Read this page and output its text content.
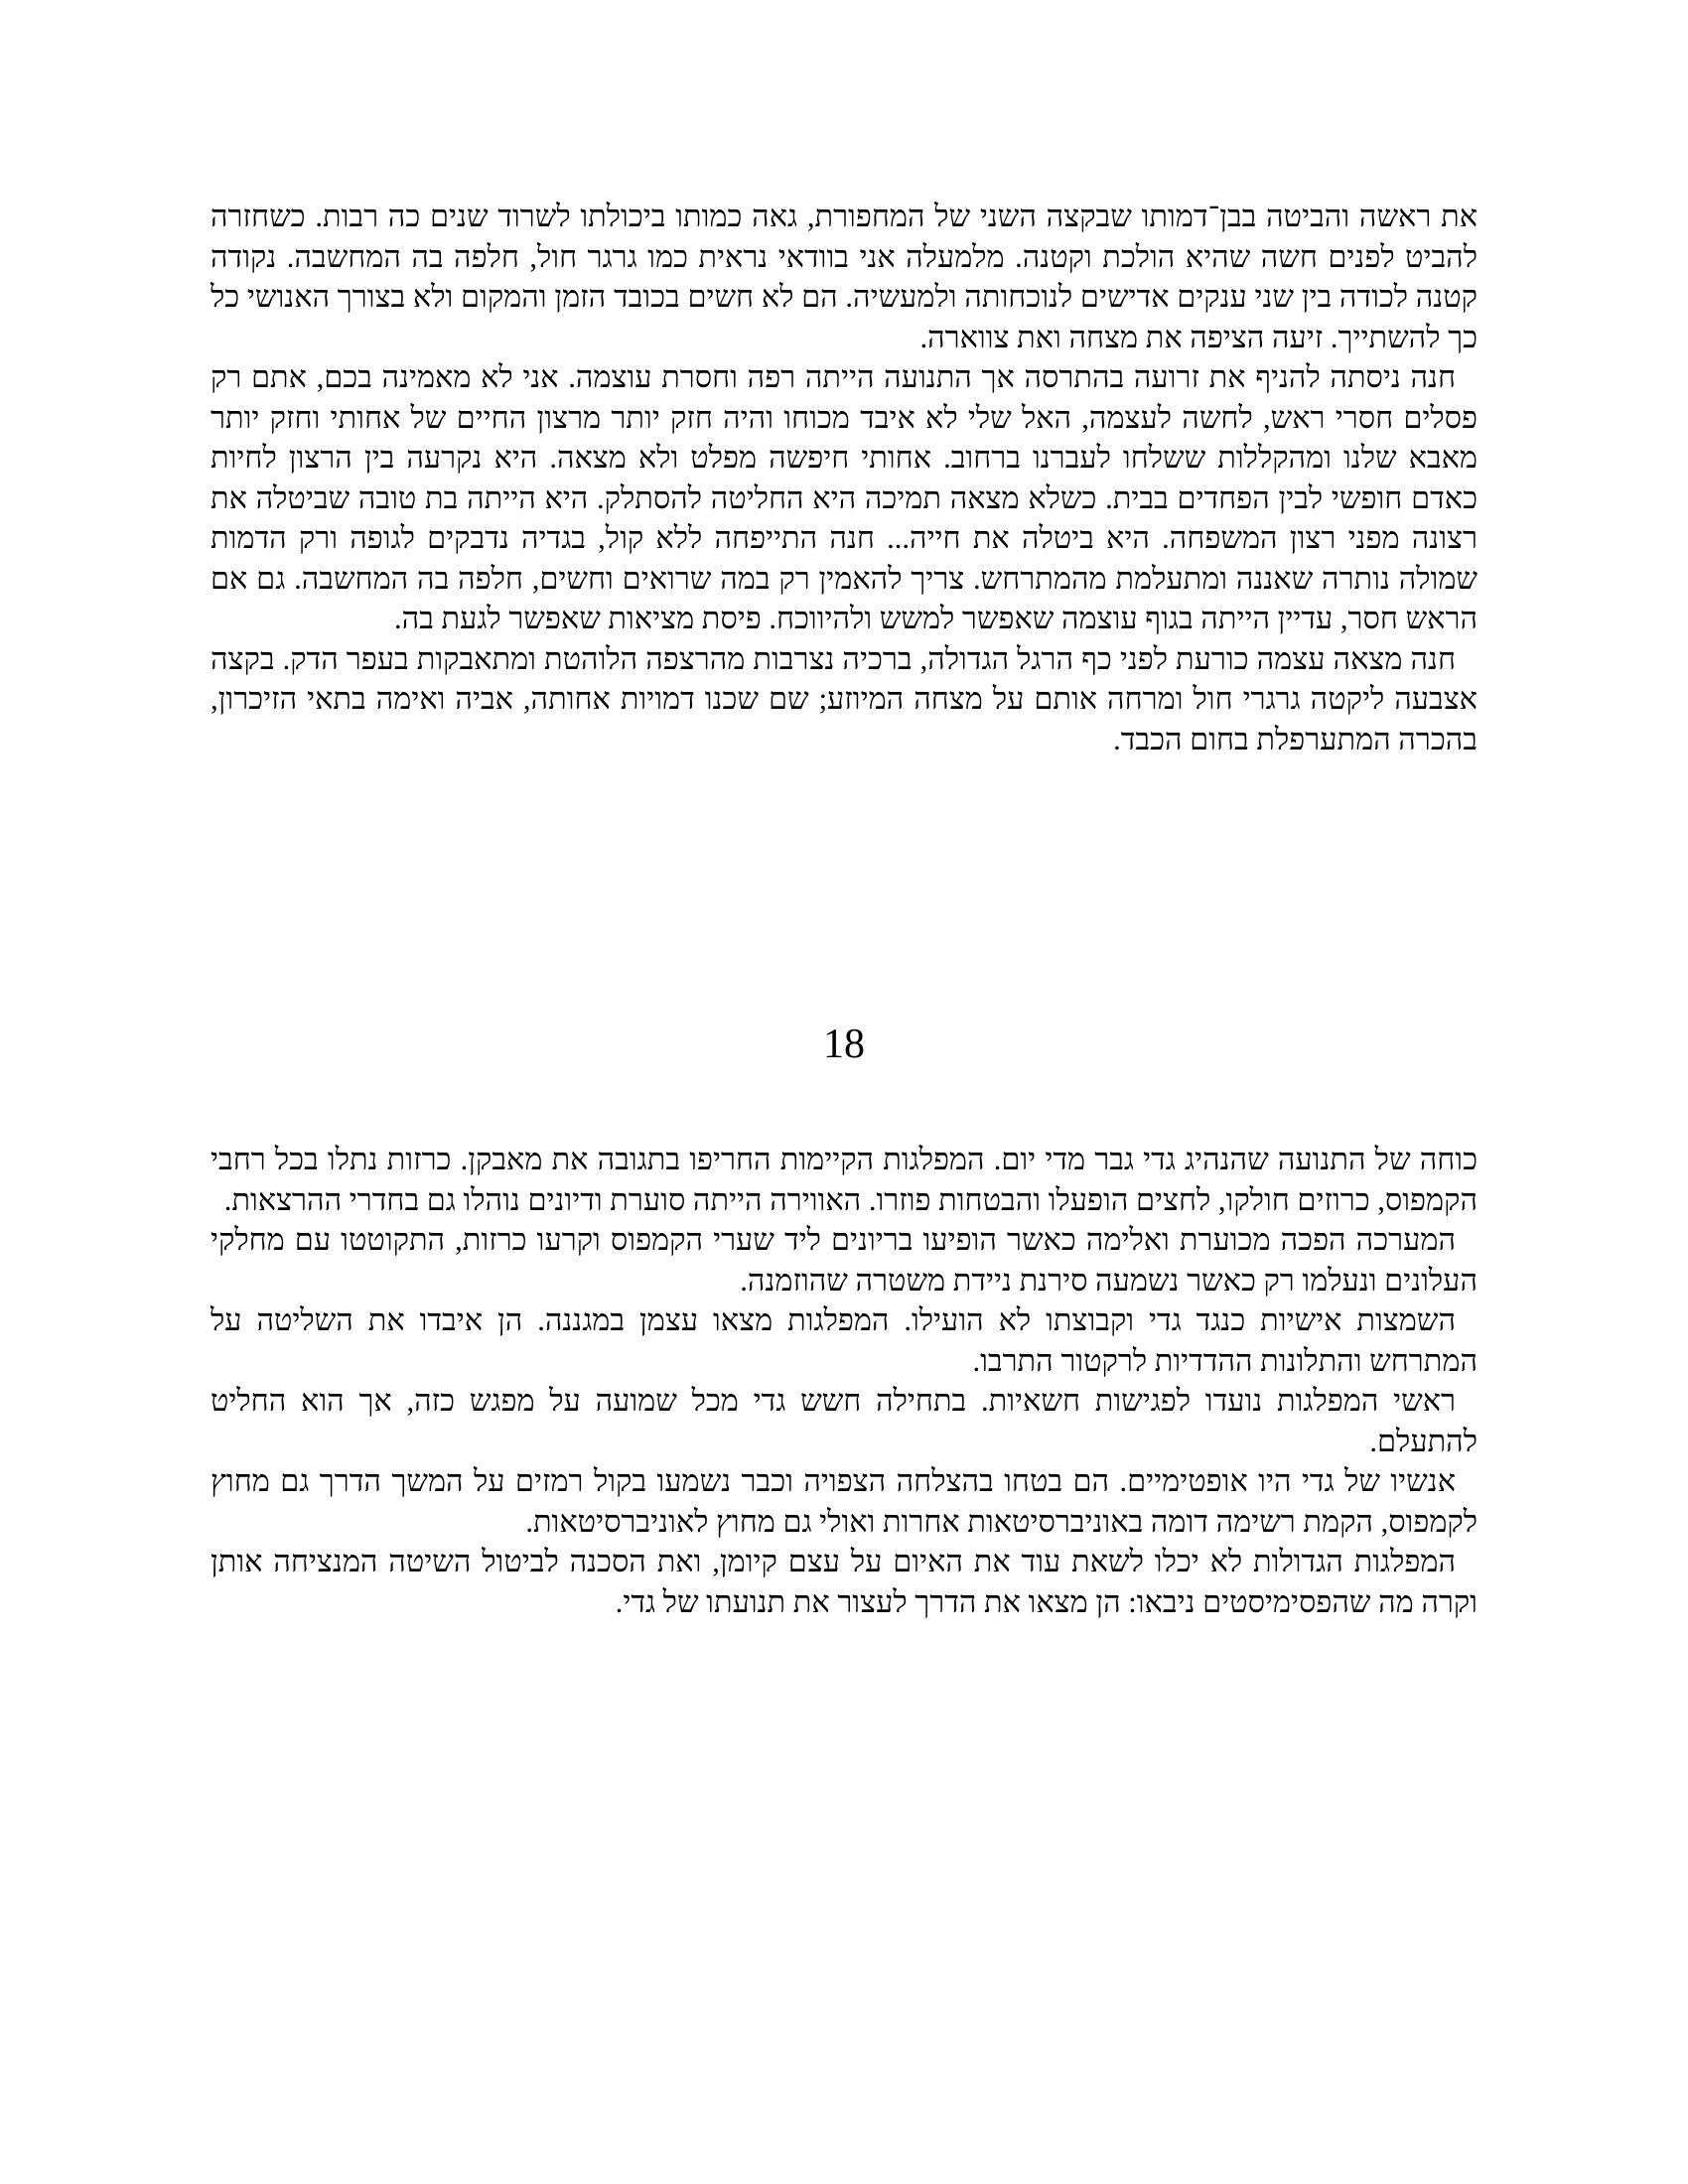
את ראשה והביטה בבן־דמותו שבקצה השני של המחפורת, גאה כמותו ביכולתו לשרוד שנים כה רבות. כשחזרה להביט לפנים חשה שהיא הולכת וקטנה. מלמעלה אני בוודאי נראית כמו גרגר חול, חלפה בה המחשבה. נקודה קטנה לכודה בין שני ענקים אדישים לנוכחותה ולמעשיה. הם לא חשים בכובד הזמן והמקום ולא בצורך האנושי כל כך להשתייך. זיעה הציפה את מצחה ואת צווארה.

חנה ניסתה להניף את זרועה בהתרסה אך התנועה הייתה רפה וחסרת עוצמה. אני לא מאמינה בכם, אתם רק פסלים חסרי ראש, לחשה לעצמה, האל שלי לא איבד מכוחו והיה חזק יותר מרצון החיים של אחותי וחזק יותר מאבא שלנו ומהקללות ששלחו לעברנו ברחוב. אחותי חיפשה מפלט ולא מצאה. היא נקרעה בין הרצון לחיות כאדם חופשי לבין הפחדים בבית. כשלא מצאה תמיכה היא החליטה להסתלק. היא הייתה בת טובה שביטלה את רצונה מפני רצון המשפחה. היא ביטלה את חייה... חנה התייפחה ללא קול, בגדיה נדבקים לגופה ורק הדמות שמולה נותרה שאננה ומתעלמת מהמתרחש. צריך להאמין רק במה שרואים וחשים, חלפה בה המחשבה. גם אם הראש חסר, עדיין הייתה בגוף עוצמה שאפשר למשש ולהיווכח. פיסת מציאות שאפשר לגעת בה.

חנה מצאה עצמה כורעת לפני כף הרגל הגדולה, ברכיה נצרבות מהרצפה הלוהטת ומתאבקות בעפר הדק. בקצה אצבעה ליקטה גרגרי חול ומרחה אותם על מצחה המיוזע; שם שכנו דמויות אחותה, אביה ואימה בתאי הזיכרון, בהכרה המתערפלת בחום הכבד.

18

כוחה של התנועה שהנהיג גדי גבר מדי יום. המפלגות הקיימות החריפו בתגובה את מאבקן. כרזות נתלו בכל רחבי הקמפוס, כרוזים חולקו, לחצים הופעלו והבטחות פוזרו. האווירה הייתה סוערת ודיונים נוהלו גם בחדרי ההרצאות.

המערכה הפכה מכוערת ואלימה כאשר הופיעו בריונים ליד שערי הקמפוס וקרעו כרזות, התקוטטו עם מחלקי העלונים ונעלמו רק כאשר נשמעה סירנת ניידת משטרה שהוזמנה.

השמצות אישיות כנגד גדי וקבוצתו לא הועילו. המפלגות מצאו עצמן במגננה. הן איבדו את השליטה על המתרחש והתלונות ההדדיות לרקטור התרבו.

ראשי המפלגות נועדו לפגישות חשאיות. בתחילה חשש גדי מכל שמועה על מפגש כזה, אך הוא החליט להתעלם.

אנשיו של גדי היו אופטימיים. הם בטחו בהצלחה הצפויה וכבר נשמעו בקול רמזים על המשך הדרך גם מחוץ לקמפוס, הקמת רשימה דומה באוניברסיטאות אחרות ואולי גם מחוץ לאוניברסיטאות.

המפלגות הגדולות לא יכלו לשאת עוד את האיום על עצם קיומן, ואת הסכנה לביטול השיטה המנציחה אותן וקרה מה שהפסימיסטים ניבאו: הן מצאו את הדרך לעצור את תנועתו של גדי.
